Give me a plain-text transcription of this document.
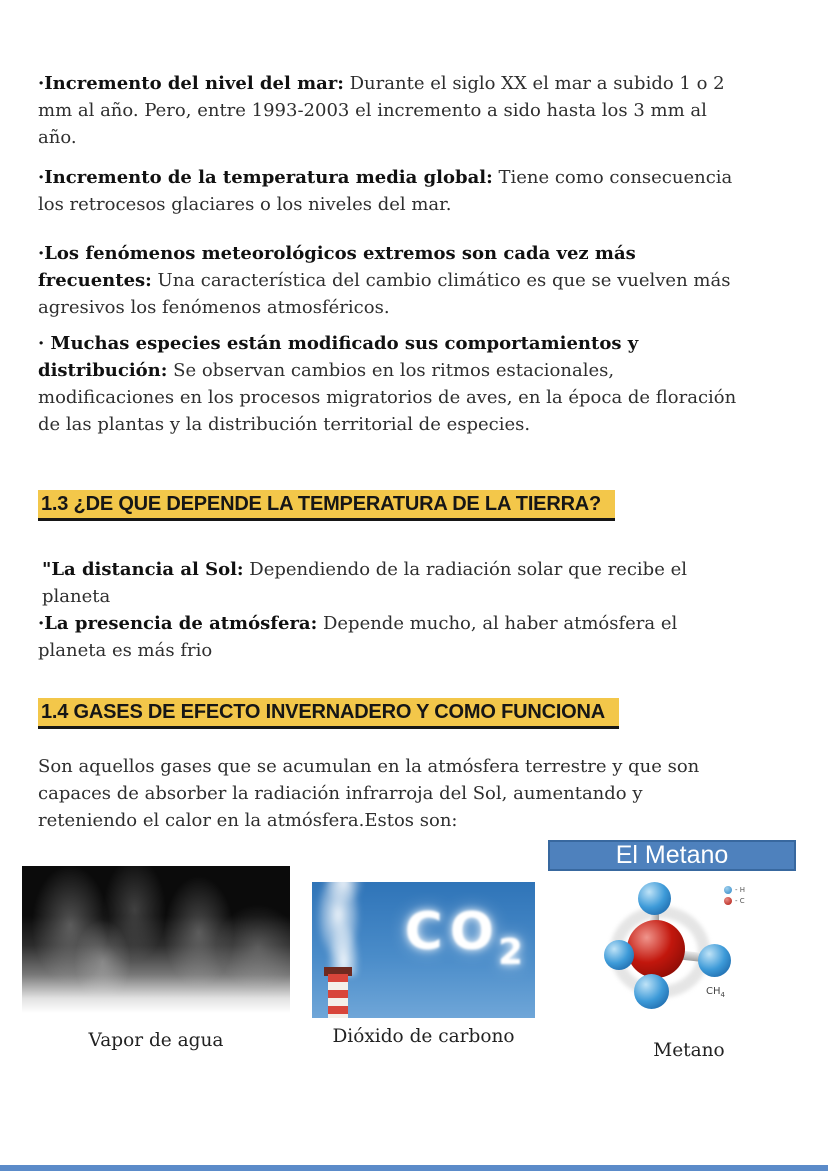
·Incremento del nivel del mar: Durante el siglo XX el mar a subido 1 o 2 mm al año. Pero, entre 1993-2003 el incremento a sido hasta los 3 mm al año.

·Incremento de la temperatura media global: Tiene como consecuencia los retrocesos glaciares o los niveles del mar.

·Los fenómenos meteorológicos extremos son cada vez más frecuentes: Una característica del cambio climático es que se vuelven más agresivos los fenómenos atmosféricos.

· Muchas especies están modificado sus comportamientos y distribución: Se observan cambios en los ritmos estacionales, modificaciones en los procesos migratorios de aves, en la época de floración de las plantas y la distribución territorial de especies.

1.3 ¿DE QUE DEPENDE LA TEMPERATURA DE LA TIERRA?

"La distancia al Sol: Dependiendo de la radiación solar que recibe el planeta

·La presencia de atmósfera: Depende mucho, al haber atmósfera el planeta es más frio

1.4 GASES DE EFECTO INVERNADERO Y COMO FUNCIONA

Son aquellos gases que se acumulan en la atmósfera terrestre y que son capaces de absorber la radiación infrarroja del Sol, aumentando y reteniendo el calor en la atmósfera.Estos son:

El Metano
$CO_2$
- H
- C
$CH_4$
Vapor de agua	Dióxido de carbono
Metano
